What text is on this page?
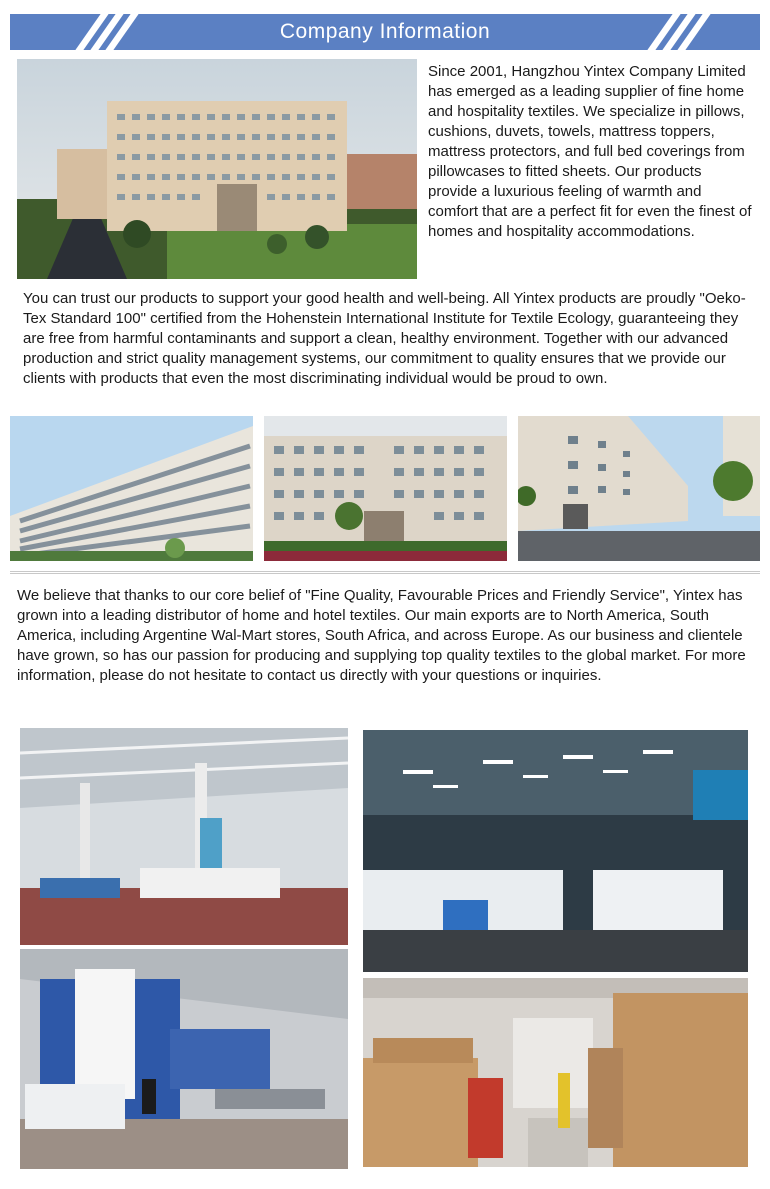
Company Information

Since 2001, Hangzhou Yintex Company Limited has emerged as a leading supplier of fine home and hospitality textiles. We specialize in pillows, cushions, duvets, towels, mattress toppers, mattress protectors, and full bed coverings from pillowcases to fitted sheets. Our products provide a luxurious feeling of warmth and comfort that are a perfect fit for even the finest of homes and hospitality accommodations.

You can trust our products to support your good health and well-being. All Yintex products are proudly "Oeko-Tex Standard 100" certified from the Hohenstein International Institute for Textile Ecology, guaranteeing they are free from harmful contaminants and support a clean, healthy environment. Together with our advanced production and strict quality management systems, our commitment to quality ensures that we provide our clients with products that even the most discriminating individual would be proud to own.

We believe that thanks to our core belief of "Fine Quality, Favourable Prices and Friendly Service", Yintex has grown into a leading distributor of home and hotel textiles. Our main exports are to North America, South America, including Argentine Wal-Mart stores, South Africa, and across Europe. As our business and clientele have grown, so has our passion for producing and supplying top quality textiles to the global market. For more information, please do not hesitate to contact us directly with your questions or inquiries.
